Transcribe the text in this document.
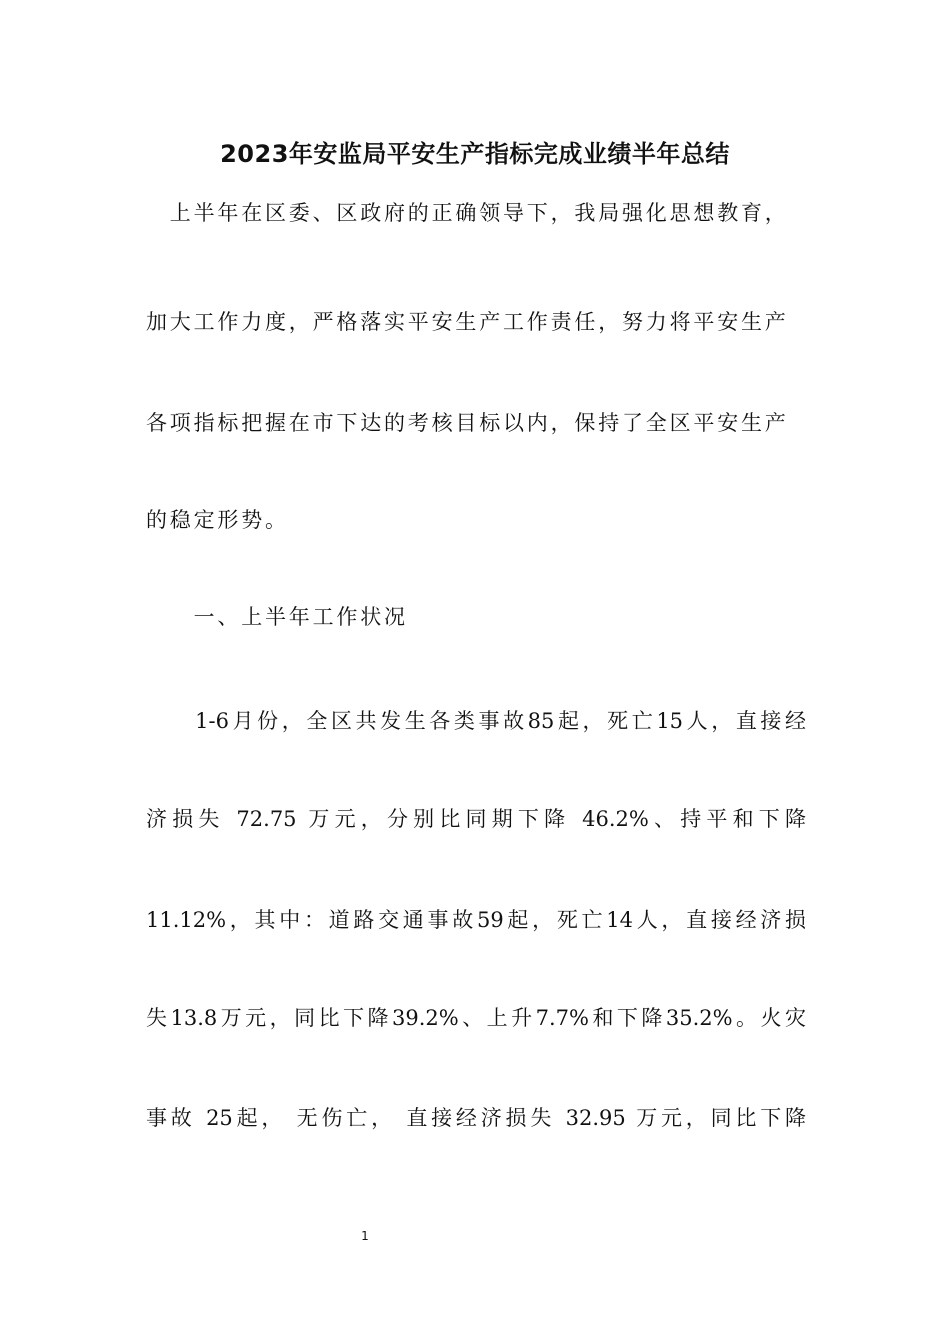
2023年安监局平安生产指标完成业绩半年总结

　上半年在区委、区政府的正确领导下，我局强化思想教育，

加大工作力度，严格落实平安生产工作责任，努力将平安生产

各项指标把握在市下达的考核目标以内，保持了全区平安生产

的稳定形势。

　　一、上半年工作状况

　　1-6月份，全区共发生各类事故85起，死亡15人，直接经

济损失 72.75 万元，分别比同期下降 46.2%、持平和下降

11.12%，其中：道路交通事故59起，死亡14人，直接经济损

失13.8万元，同比下降39.2%、上升7.7%和下降35.2%。火灾

事故 25起， 无伤亡， 直接经济损失 32.95 万元，同比下降

1
